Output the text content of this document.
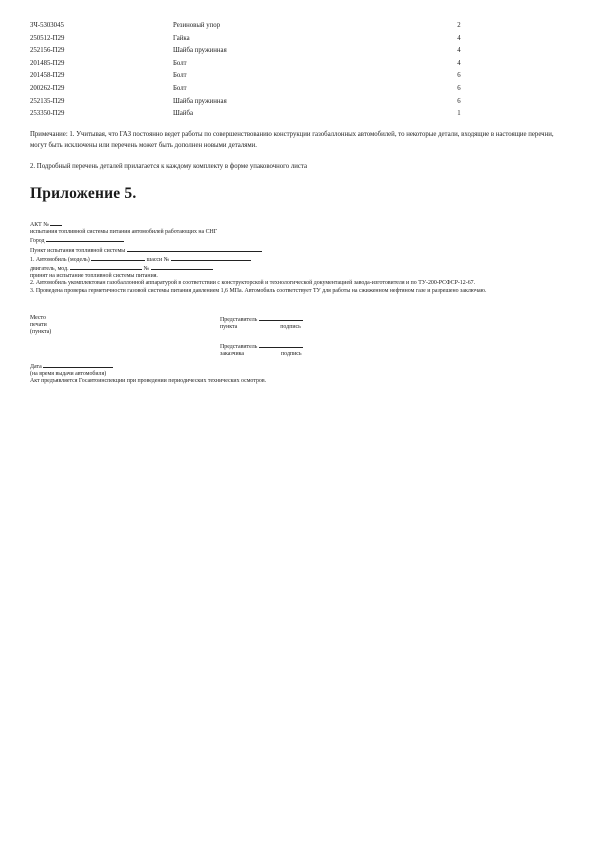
3Ч-5303045	Резиновый упор	2
250512-П29	Гайка	4
252156-П29	Шайба пружинная	4
201485-П29	Болт	4
201458-П29	Болт	6
200262-П29	Болт	6
252135-П29	Шайба пружинная	6
253350-П29	Шайба	1
Примечание: 1. Учитывая, что ГАЗ постоянно ведет работы по совершенствованию конструкции газобаллонных автомобилей, то некоторые детали, входящие в настоящие перечни, могут быть исключены или перечень может быть дополнен новыми деталями.
2. Подробный перечень деталей прилагается к каждому комплекту в форме упаковочного листа
Приложение 5.
АКТ №
испытания топливной системы питания автомобилей работающих на СНГ
Город
Пункт испытания топливной системы
1. Автомобиль (модель)	шасси №
двигатель, мод.	№
принят на испытание топливной системы питания.
2. Автомобиль укомплектован газобаллонной аппаратурой в соответствии с конструкторской и технологической документацией завода-изготовителя и по ТУ-200-РСФСР-12-67.
3. Проведена проверка герметичности газовой системы питания давлением 1,6 МПа. Автомобиль соответствует ТУ для работы на сжиженном нефтяном газе и разрешено заключаю.
Место
печати
(пункта)
Представитель
пункта	подпись
Представитель
заказчика	подпись
Дата
(на время выдачи автомобиля)
Акт предъявляется Госавтоинспекции при проведении периодических технических осмотров.
